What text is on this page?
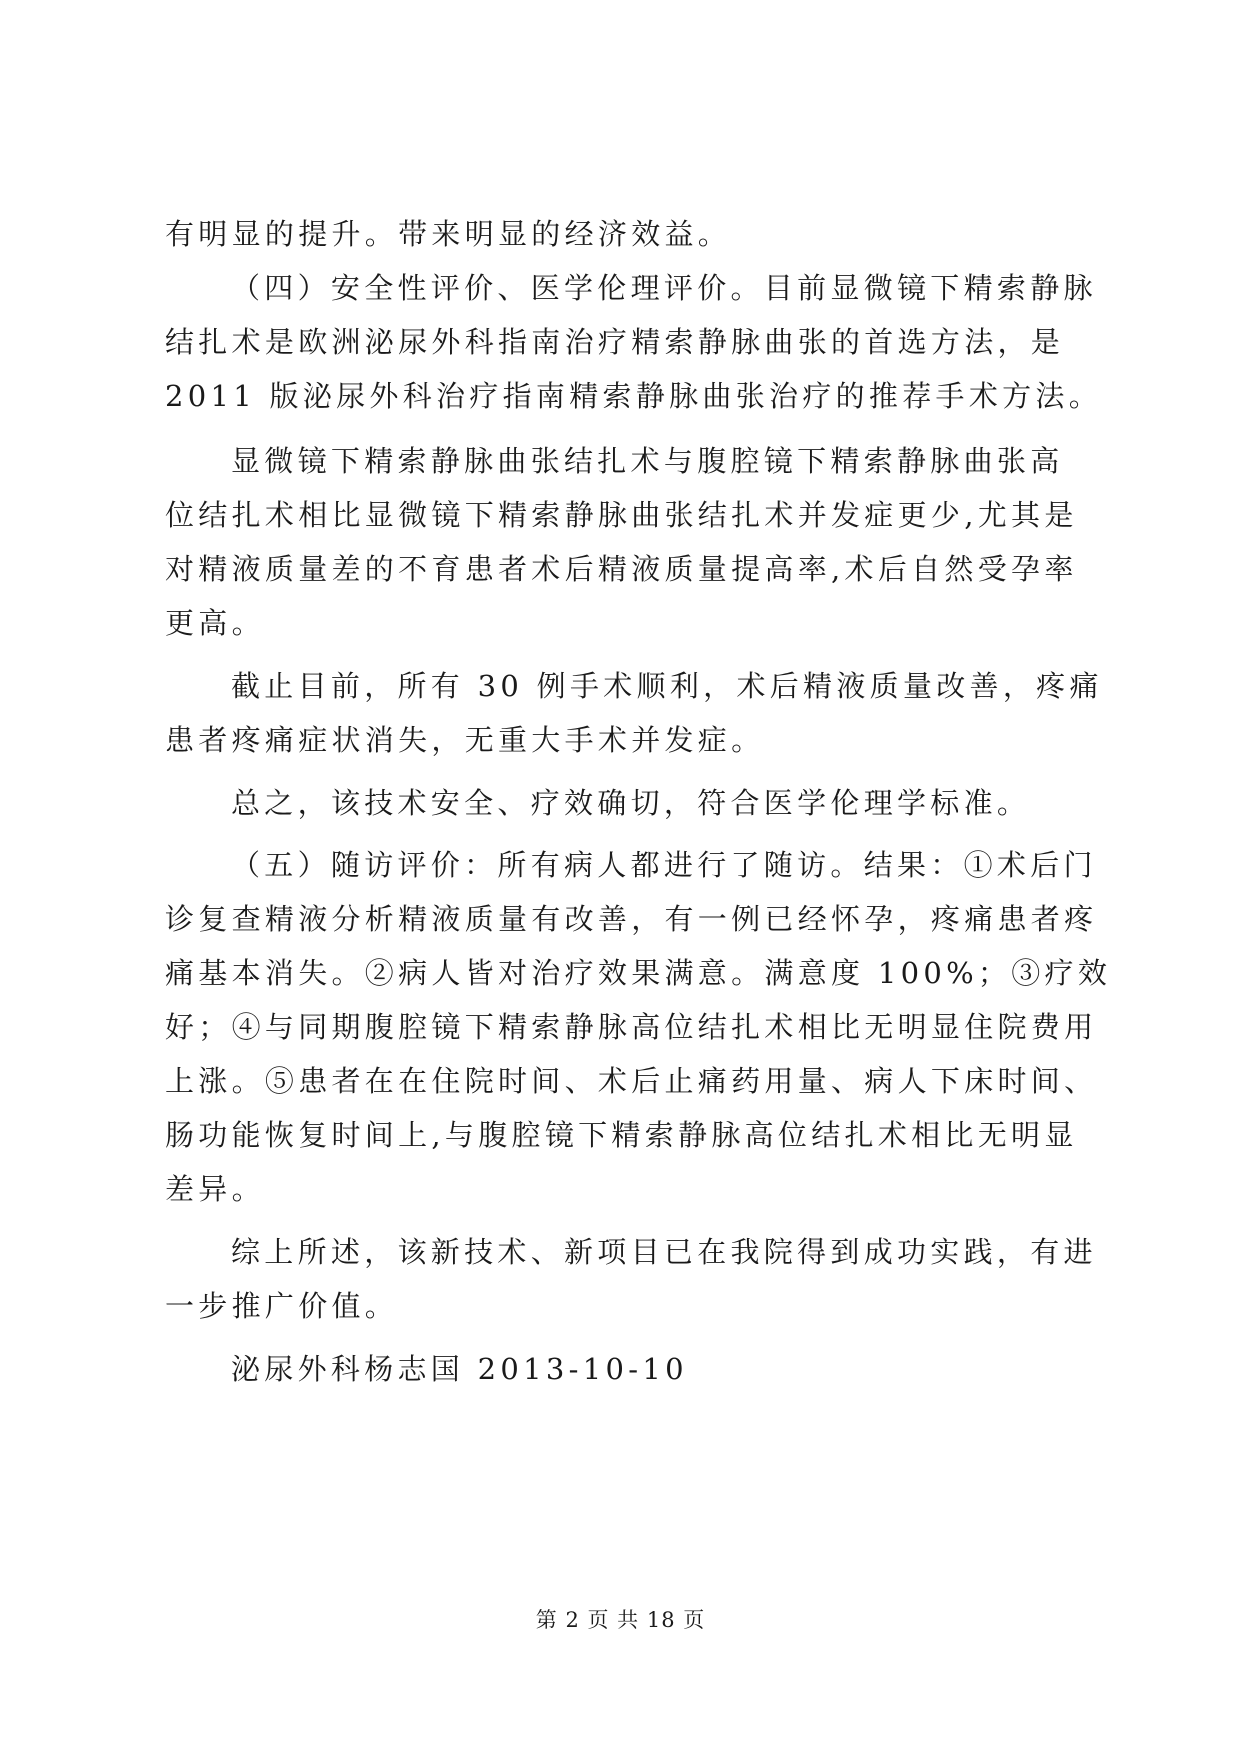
有明显的提升。带来明显的经济效益。
（四）安全性评价、医学伦理评价。目前显微镜下精索静脉
结扎术是欧洲泌尿外科指南治疗精索静脉曲张的首选方法，是
2011 版泌尿外科治疗指南精索静脉曲张治疗的推荐手术方法。
显微镜下精索静脉曲张结扎术与腹腔镜下精索静脉曲张高
位结扎术相比显微镜下精索静脉曲张结扎术并发症更少,尤其是
对精液质量差的不育患者术后精液质量提高率,术后自然受孕率
更高。
截止目前，所有 30 例手术顺利，术后精液质量改善，疼痛
患者疼痛症状消失，无重大手术并发症。
总之，该技术安全、疗效确切，符合医学伦理学标准。
（五）随访评价：所有病人都进行了随访。结果：①术后门
诊复查精液分析精液质量有改善，有一例已经怀孕，疼痛患者疼
痛基本消失。②病人皆对治疗效果满意。满意度 100%；③疗效
好；④与同期腹腔镜下精索静脉高位结扎术相比无明显住院费用
上涨。⑤患者在在住院时间、术后止痛药用量、病人下床时间、
肠功能恢复时间上,与腹腔镜下精索静脉高位结扎术相比无明显
差异。
综上所述，该新技术、新项目已在我院得到成功实践，有进
一步推广价值。
泌尿外科杨志国 2013-10-10
第 2 页 共 18 页
